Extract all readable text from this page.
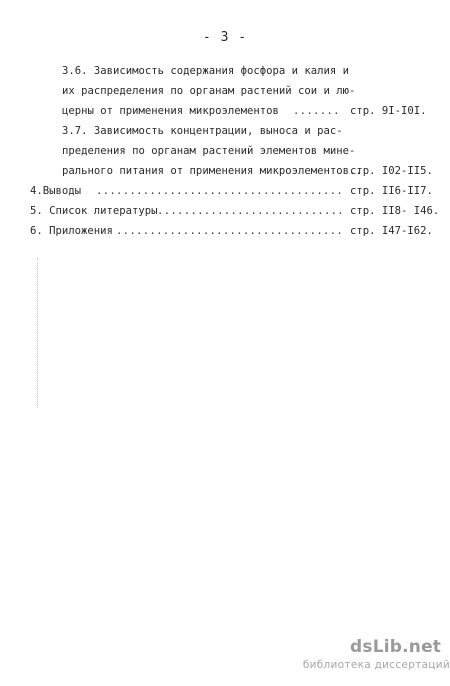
- 3 -
3.6. Зависимость содержания фосфора и калия и
их распределения по органам растений сои и лю-
церны от применения микроэлементов .....	стр. 9I-I0I.
3.7. Зависимость концентрации, выноса и рас-
пределения по органам растений элементов мине-
рального питания от применения микроэлементов..
стр. I02-II5.
4.Выводы .....	стр. II6-II7.
5. Список литературы .....	стр. II8- I46.
6. Приложения .....	стр. I47-I62.
dsLib.net
библиотека диссертаций
